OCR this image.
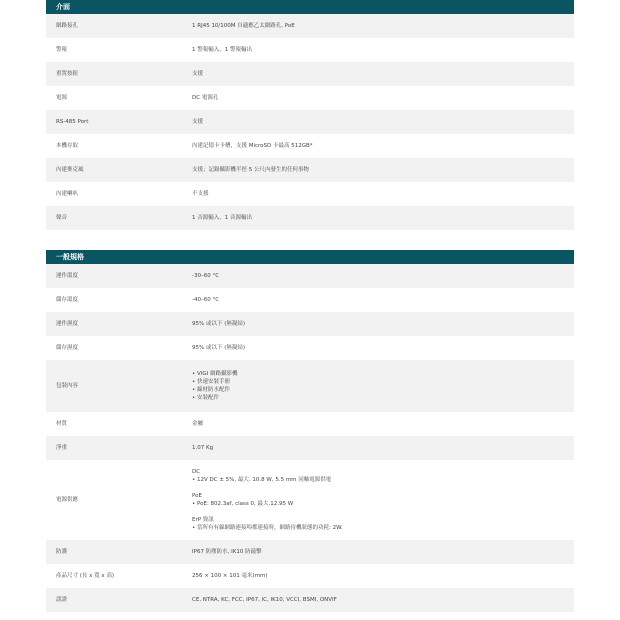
介面
網路接孔	1 RJ45 10/100M 自適應乙太網路孔, PoE
警報	1 警報輸入、1 警報輸出
重置按鈕	支援
電源	DC 電源孔
RS-485 Port	支援
本機存取	內建記憶卡卡槽，支援 MicroSD 卡最高 512GB*
內建麥克風	支援；記錄攝影機半徑 5 公尺內發生的任何事物
內建喇叭	不支援
聲音	1 音源輸入、1 音源輸出
一般規格
運作溫度	-30–60 °C
儲存溫度	-40–60 °C
運作濕度	95% 或以下 (無凝結)
儲存濕度	95% 或以下 (無凝結)
包裝內容
• VIGI 網路攝影機
• 快速安裝手冊
• 線材防水配件
• 安裝配件
材質	金屬
淨重	1.07 Kg
電源供應
DC
• 12V DC ± 5%, 最大. 10.8 W, 5.5 mm 同軸電源供電
PoE
• PoE: 802.3af, class 0, 最大.12.95 W
ErP 資訊
• 當所有有線網路連接埠都連接時，網路待機狀態的功耗: 2W.
防護	IP67 防塵防水, IK10 防敲擊
產品尺寸 (長 x 寬 x 高)	256 × 100 × 101 毫米(mm)
認證	CE, NTRA, KC, FCC, IP67, IC, IK10, VCCI, BSMI, ONVIF
